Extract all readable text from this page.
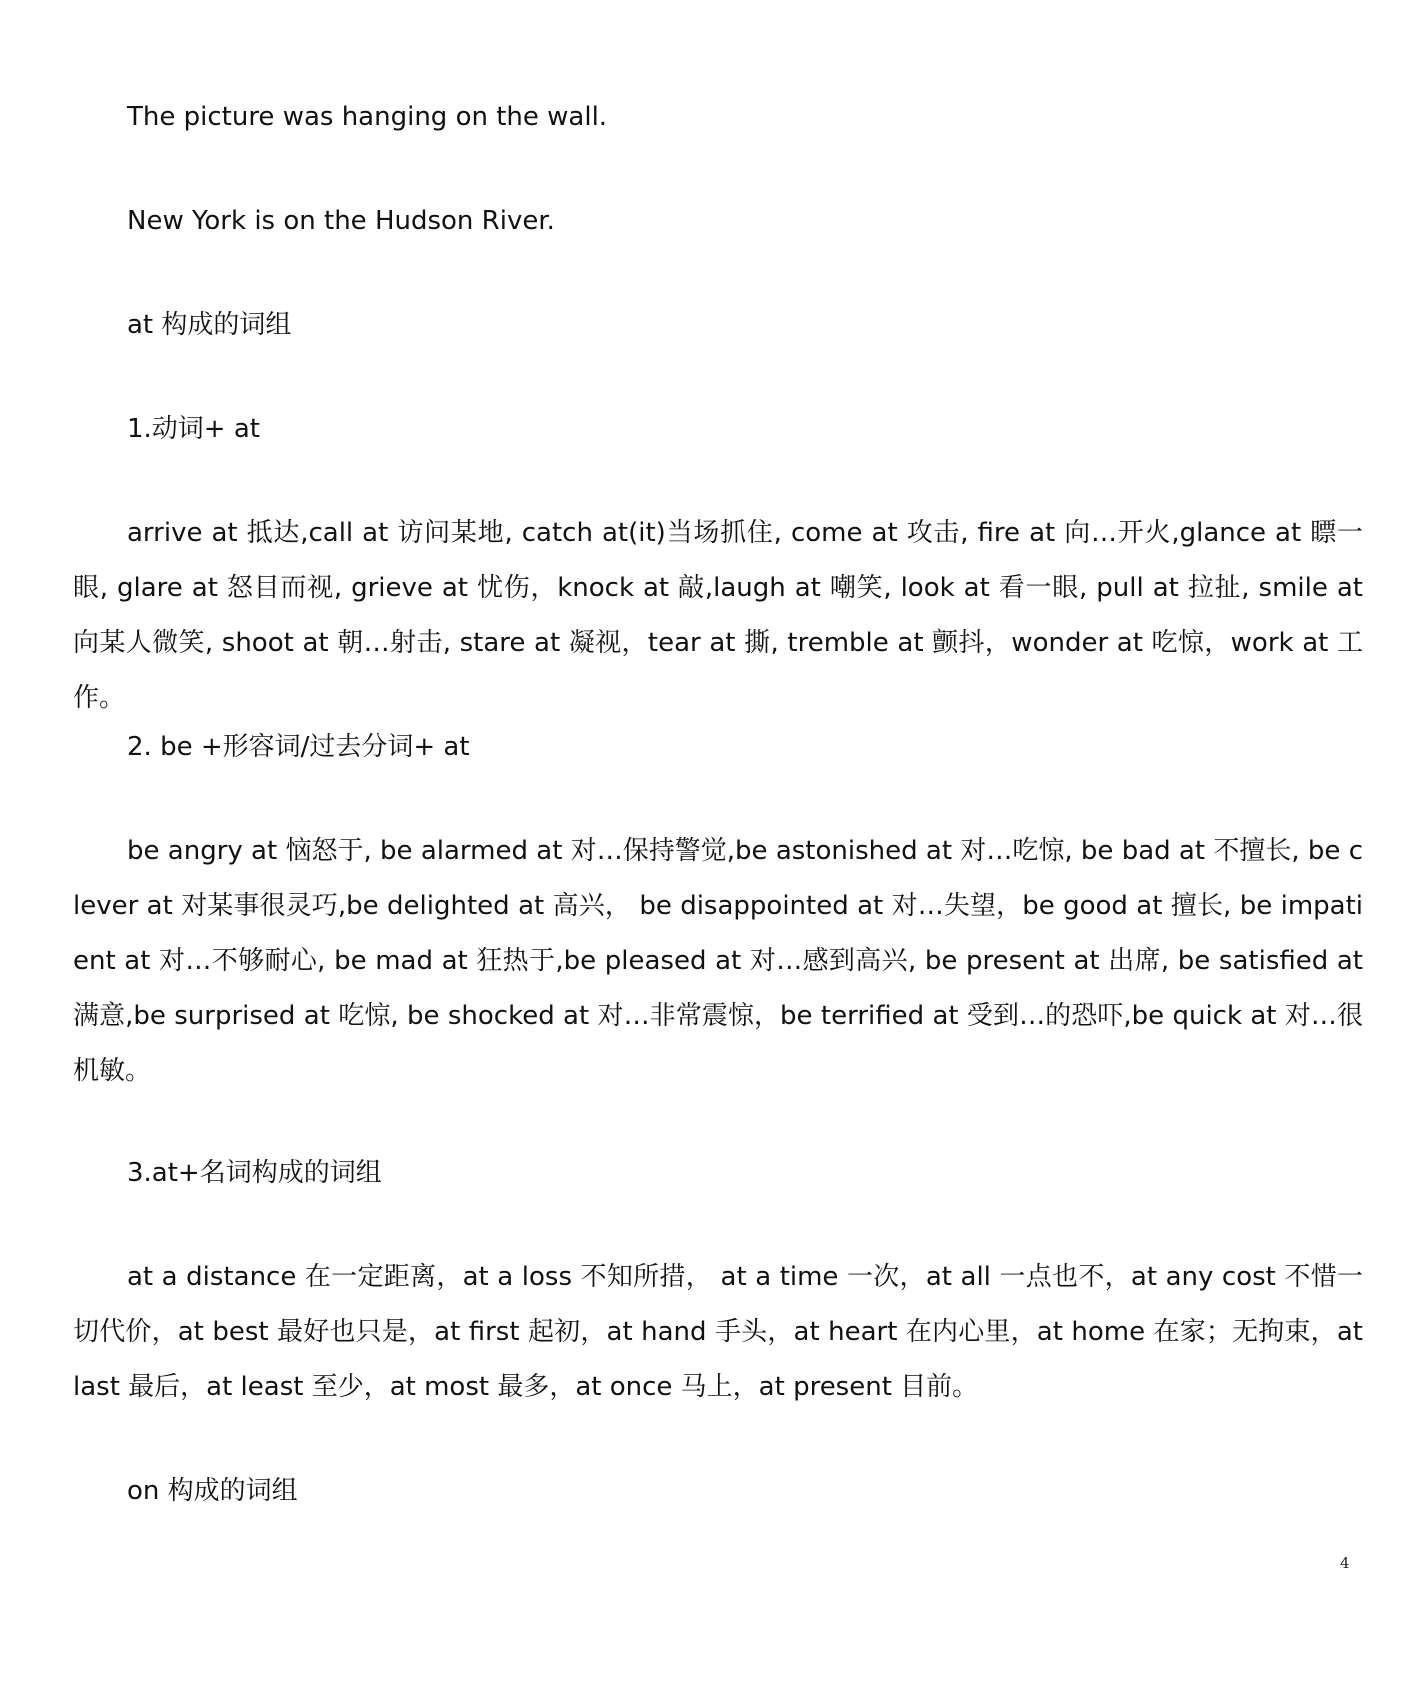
The picture was hanging on the wall.

New York is on the Hudson River.

at 构成的词组

1.动词+ at

arrive at 抵达,call at 访问某地, catch at(it)当场抓住, come at 攻击, fire at 向…开火,glance at 瞟一眼, glare at 怒目而视, grieve at 忧伤，knock at 敲,laugh at 嘲笑, look at 看一眼, pull at 拉扯, smile at 向某人微笑, shoot at 朝…射击, stare at 凝视，tear at 撕, tremble at 颤抖，wonder at 吃惊，work at 工作。

2. be +形容词/过去分词+ at

be angry at 恼怒于, be alarmed at 对…保持警觉,be astonished at 对…吃惊, be bad at 不擅长, be clever at 对某事很灵巧,be delighted at 高兴， be disappointed at 对…失望，be good at 擅长, be impatient at 对…不够耐心, be mad at 狂热于,be pleased at 对…感到高兴, be present at 出席, be satisfied at 满意,be surprised at 吃惊, be shocked at 对…非常震惊，be terrified at 受到…的恐吓,be quick at 对…很机敏。

3.at+名词构成的词组

at a distance 在一定距离，at a loss 不知所措， at a time 一次，at all 一点也不，at any cost 不惜一切代价，at best 最好也只是，at first 起初，at hand 手头，at heart 在内心里，at home 在家；无拘束，at last 最后，at least 至少，at most 最多，at once 马上，at present 目前。

on 构成的词组

4
